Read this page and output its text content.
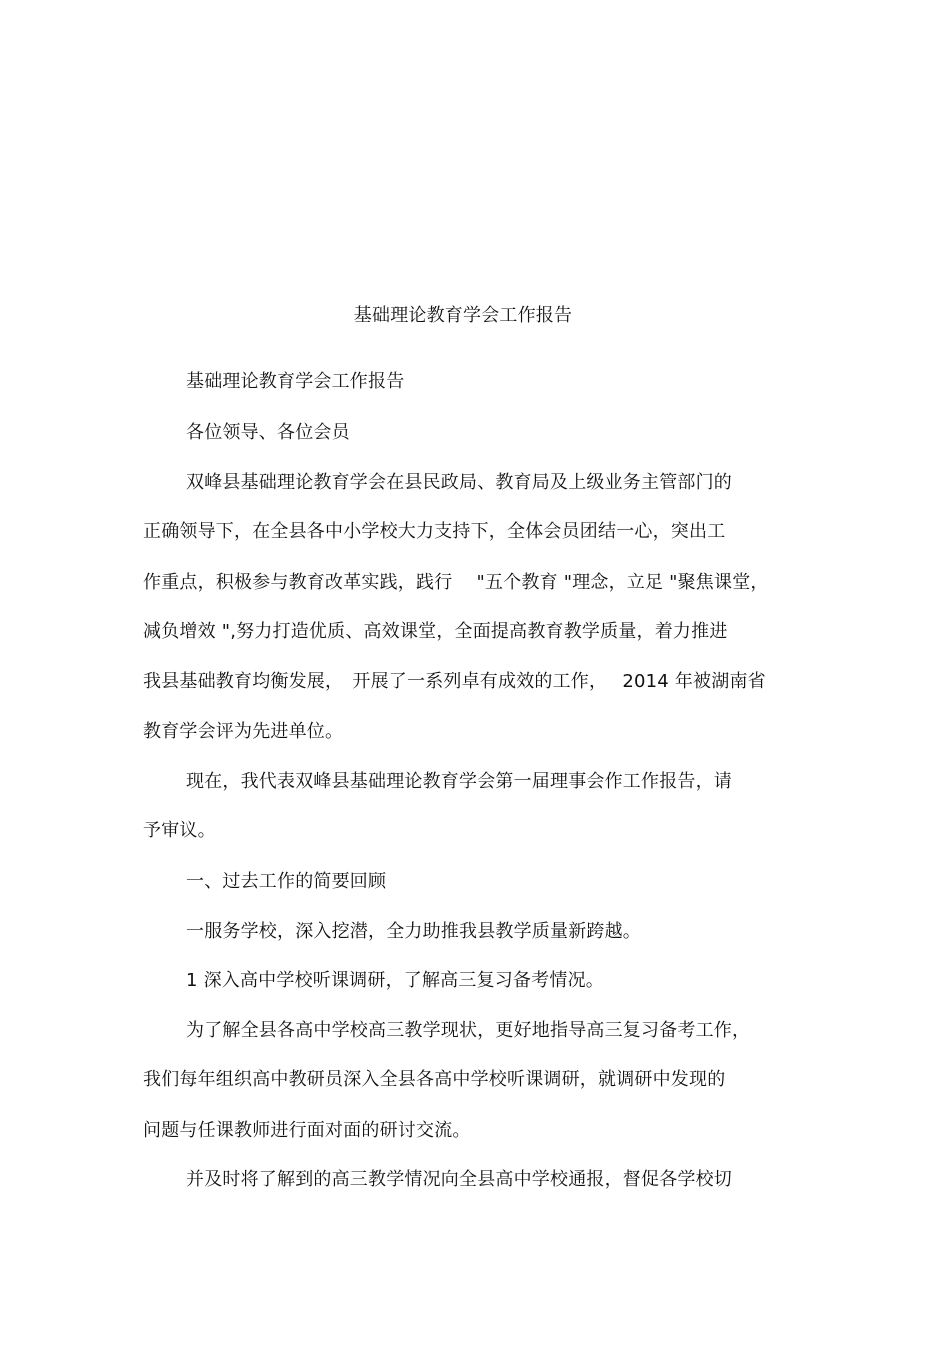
基础理论教育学会工作报告
基础理论教育学会工作报告
各位领导、各位会员
双峰县基础理论教育学会在县民政局、教育局及上级业务主管部门的
正确领导下，在全县各中小学校大力支持下，全体会员团结一心，突出工
作重点，积极参与教育改革实践，践行　 "五个教育 "理念，立足 "聚焦课堂，
减负增效 ",努力打造优质、高效课堂，全面提高教育教学质量，着力推进
我县基础教育均衡发展，　开展了一系列卓有成效的工作，　 2014 年被湖南省
教育学会评为先进单位。
现在，我代表双峰县基础理论教育学会第一届理事会作工作报告，请
予审议。
一、过去工作的简要回顾
一服务学校，深入挖潜，全力助推我县教学质量新跨越。
1 深入高中学校听课调研，了解高三复习备考情况。
为了解全县各高中学校高三教学现状，更好地指导高三复习备考工作，
我们每年组织高中教研员深入全县各高中学校听课调研，就调研中发现的
问题与任课教师进行面对面的研讨交流。
并及时将了解到的高三教学情况向全县高中学校通报，督促各学校切
